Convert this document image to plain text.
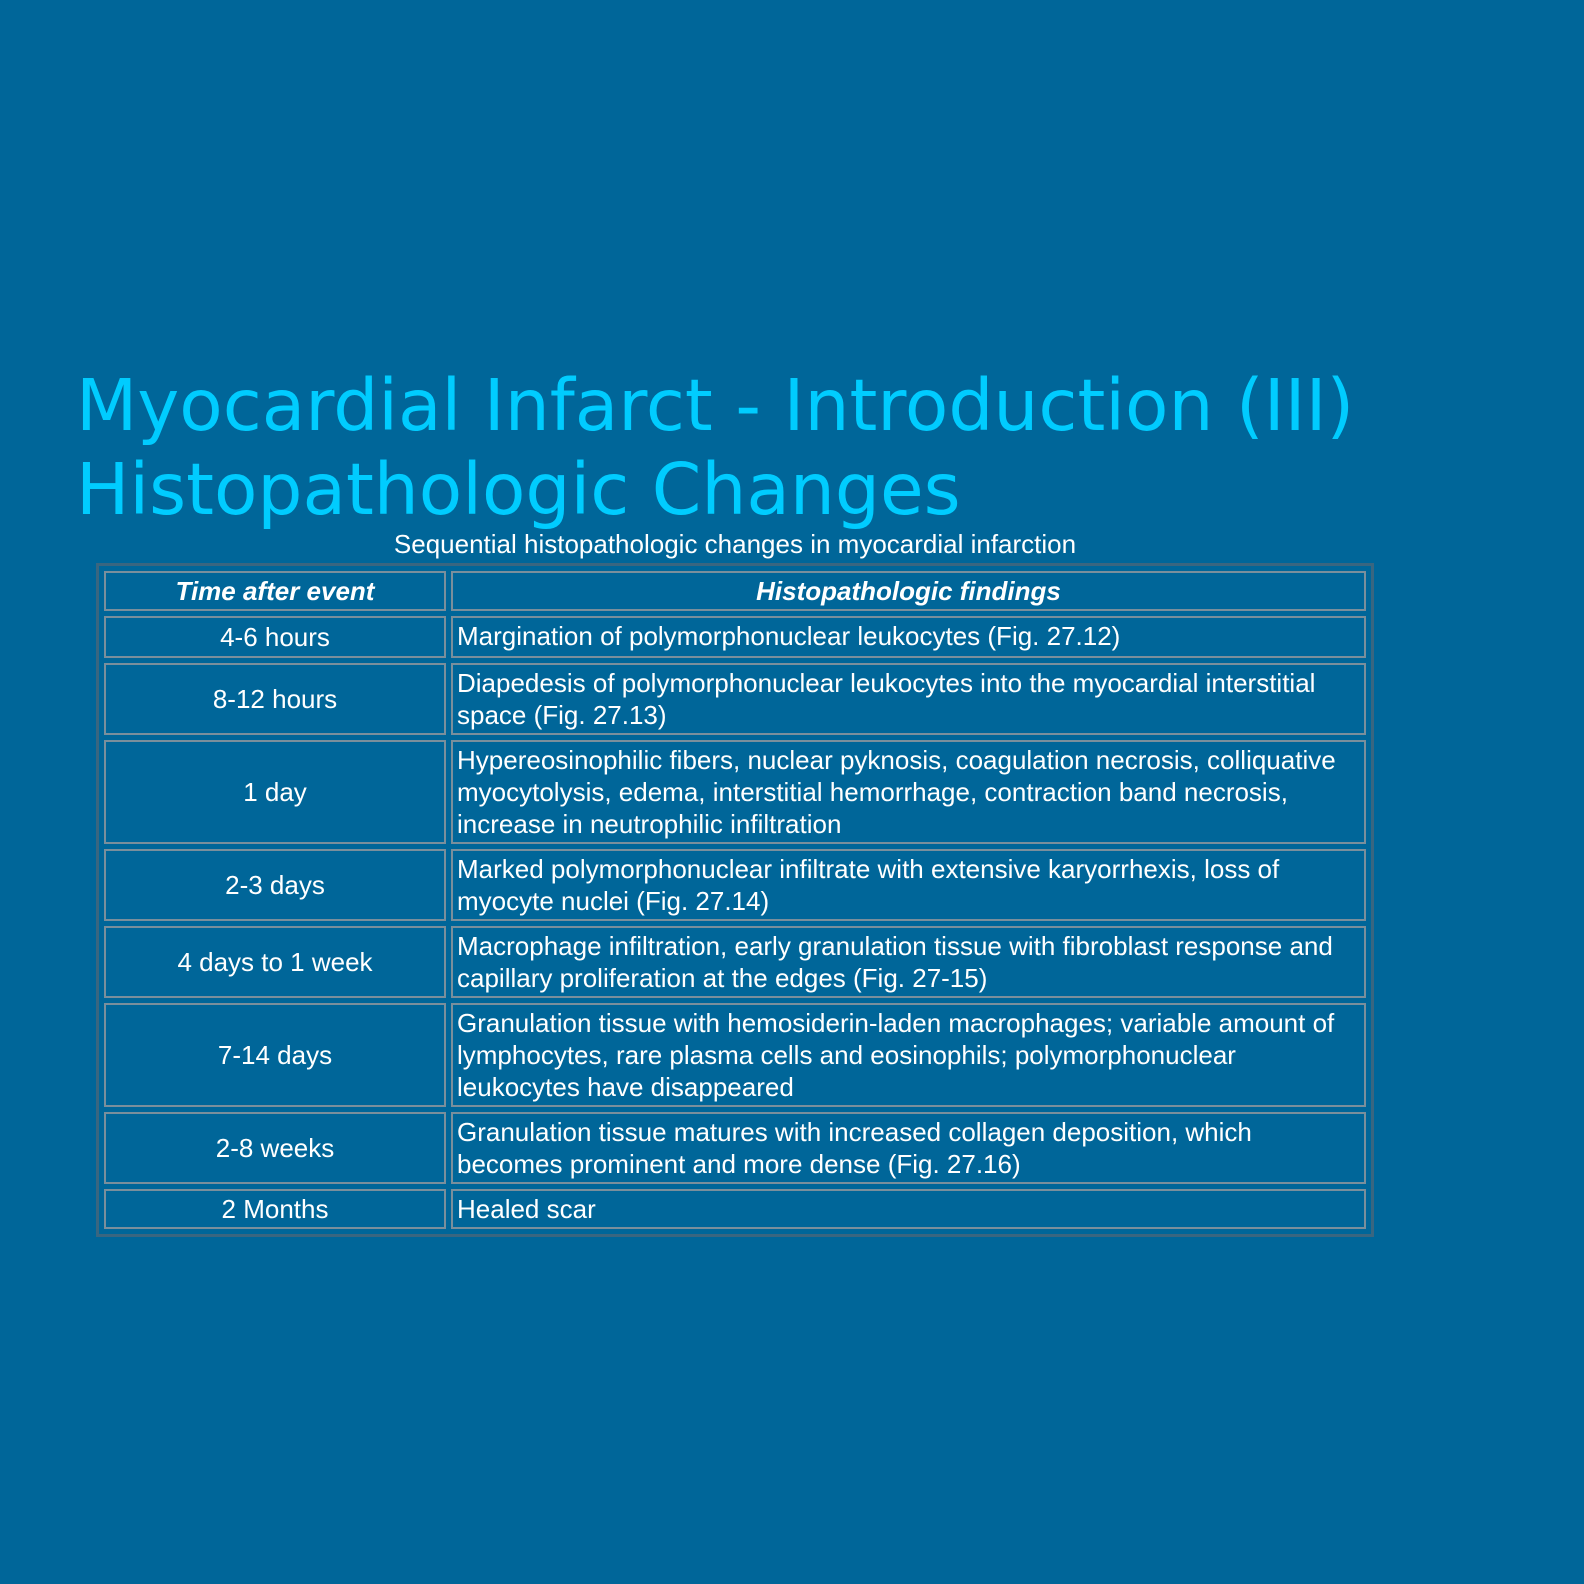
Myocardial Infarct - Introduction (III)
Histopathologic Changes
Sequential histopathologic changes in myocardial infarction
Time after event	Histopathologic findings
4-6 hours	Margination of polymorphonuclear leukocytes (Fig. 27.12)
8-12 hours	Diapedesis of polymorphonuclear leukocytes into the myocardial interstitial space (Fig. 27.13)
1 day	Hypereosinophilic fibers, nuclear pyknosis, coagulation necrosis, colliquative myocytolysis, edema, interstitial hemorrhage, contraction band necrosis, increase in neutrophilic infiltration
2-3 days	Marked polymorphonuclear infiltrate with extensive karyorrhexis, loss of myocyte nuclei (Fig. 27.14)
4 days to 1 week	Macrophage infiltration, early granulation tissue with fibroblast response and capillary proliferation at the edges (Fig. 27-15)
7-14 days	Granulation tissue with hemosiderin-laden macrophages; variable amount of lymphocytes, rare plasma cells and eosinophils; polymorphonuclear leukocytes have disappeared
2-8 weeks	Granulation tissue matures with increased collagen deposition, which becomes prominent and more dense (Fig. 27.16)
2 Months	Healed scar
